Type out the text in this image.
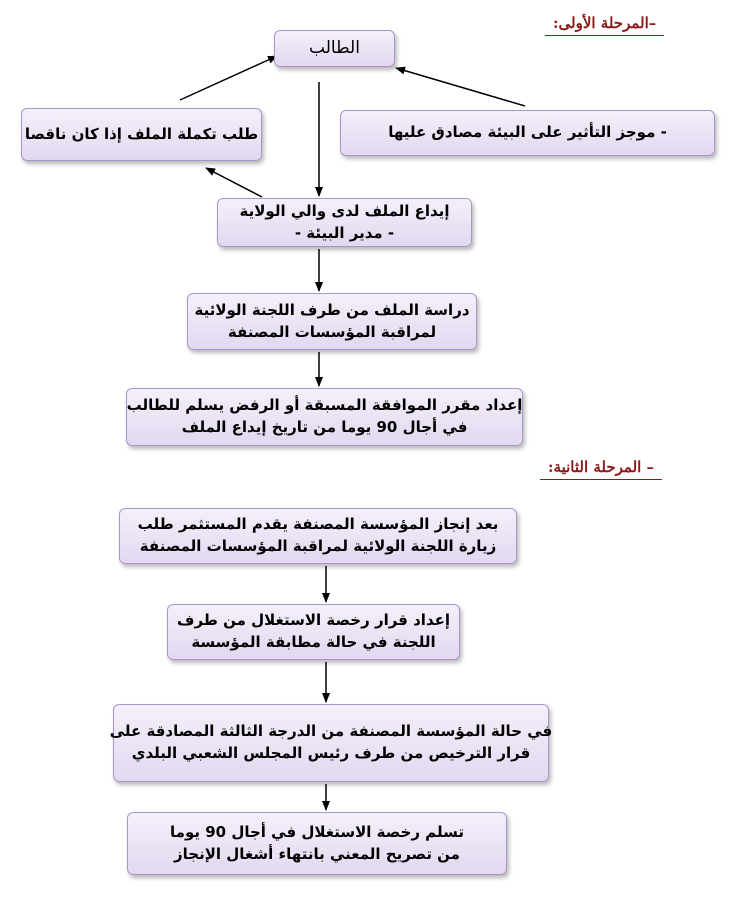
–المرحلة الأولى:
– المرحلة الثانية:
الطالب
طلب تكملة الملف إذا كان ناقصا	- موجز التأثير على البيئة مصادق عليها
إيداع الملف لدى والي الولاية
- مدير البيئة -
دراسة الملف من طرف اللجنة الولائية
لمراقبة المؤسسات المصنفة
إعداد مقرر الموافقة المسبقة أو الرفض يسلم للطالب
في أجال 90 يوما من تاريخ إيداع الملف
بعد إنجاز المؤسسة المصنفة يقدم المستثمر طلب
زيارة اللجنة الولائية لمراقبة المؤسسات المصنفة
إعداد قرار رخصة الاستغلال من طرف
اللجنة في حالة مطابقة المؤسسة
في حالة المؤسسة المصنفة من الدرجة الثالثة المصادقة على
قرار الترخيص من طرف رئيس المجلس الشعبي البلدي
تسلم رخصة الاستغلال في أجال 90 يوما
من تصريح المعني بانتهاء أشغال الإنجاز
